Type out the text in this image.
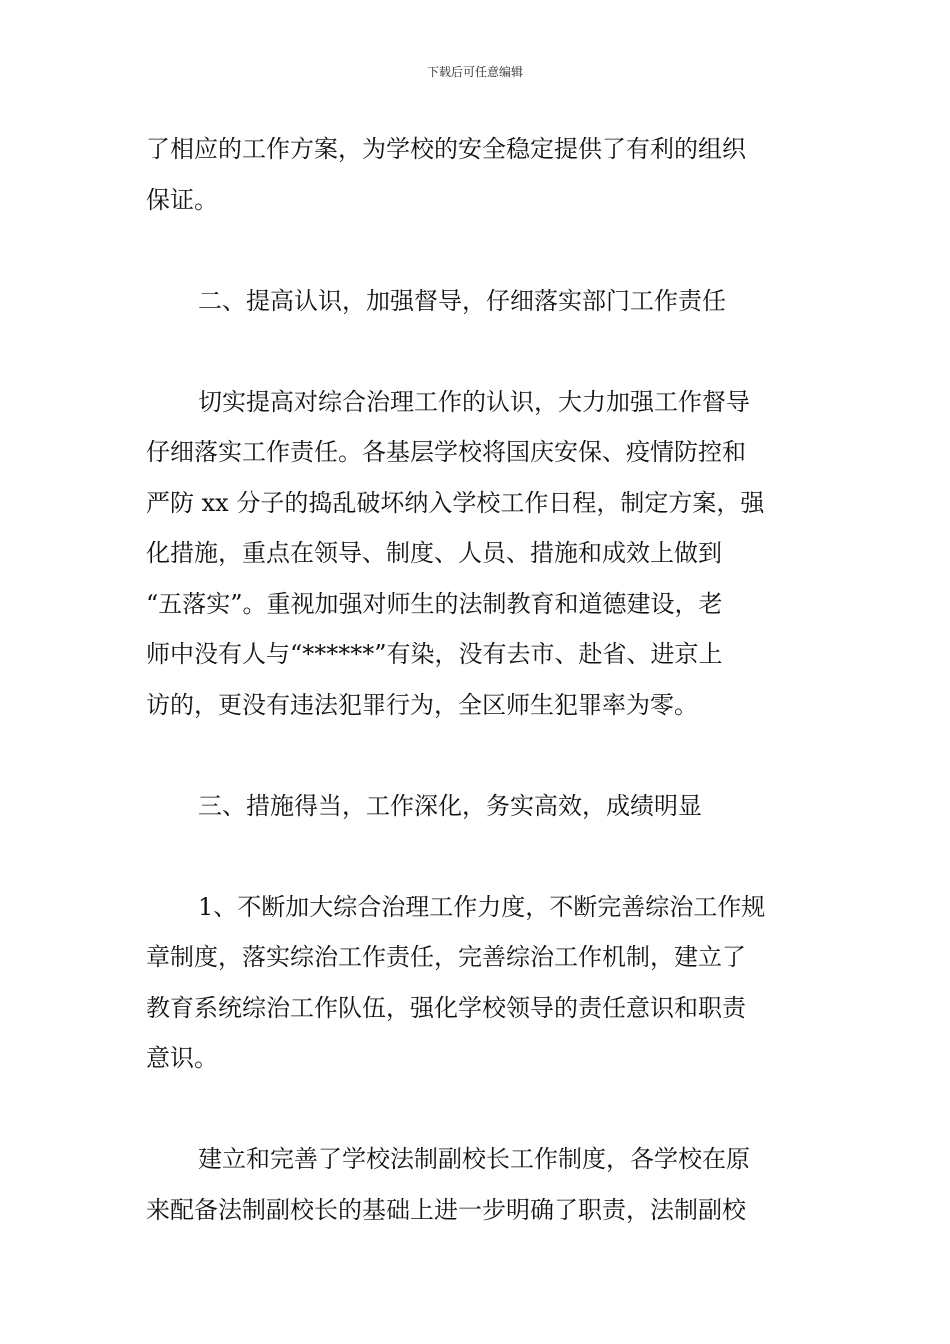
下载后可任意编辑
了相应的工作方案，为学校的安全稳定提供了有利的组织
保证。
二、提高认识，加强督导，仔细落实部门工作责任
切实提高对综合治理工作的认识，大力加强工作督导
仔细落实工作责任。各基层学校将国庆安保、疫情防控和
严防 xx 分子的捣乱破坏纳入学校工作日程，制定方案，强
化措施，重点在领导、制度、人员、措施和成效上做到
“五落实”。重视加强对师生的法制教育和道德建设，老
师中没有人与“******”有染，没有去市、赴省、进京上
访的，更没有违法犯罪行为，全区师生犯罪率为零。
三、措施得当，工作深化，务实高效，成绩明显
1、不断加大综合治理工作力度，不断完善综治工作规
章制度，落实综治工作责任，完善综治工作机制，建立了
教育系统综治工作队伍，强化学校领导的责任意识和职责
意识。
建立和完善了学校法制副校长工作制度，各学校在原
来配备法制副校长的基础上进一步明确了职责，法制副校
